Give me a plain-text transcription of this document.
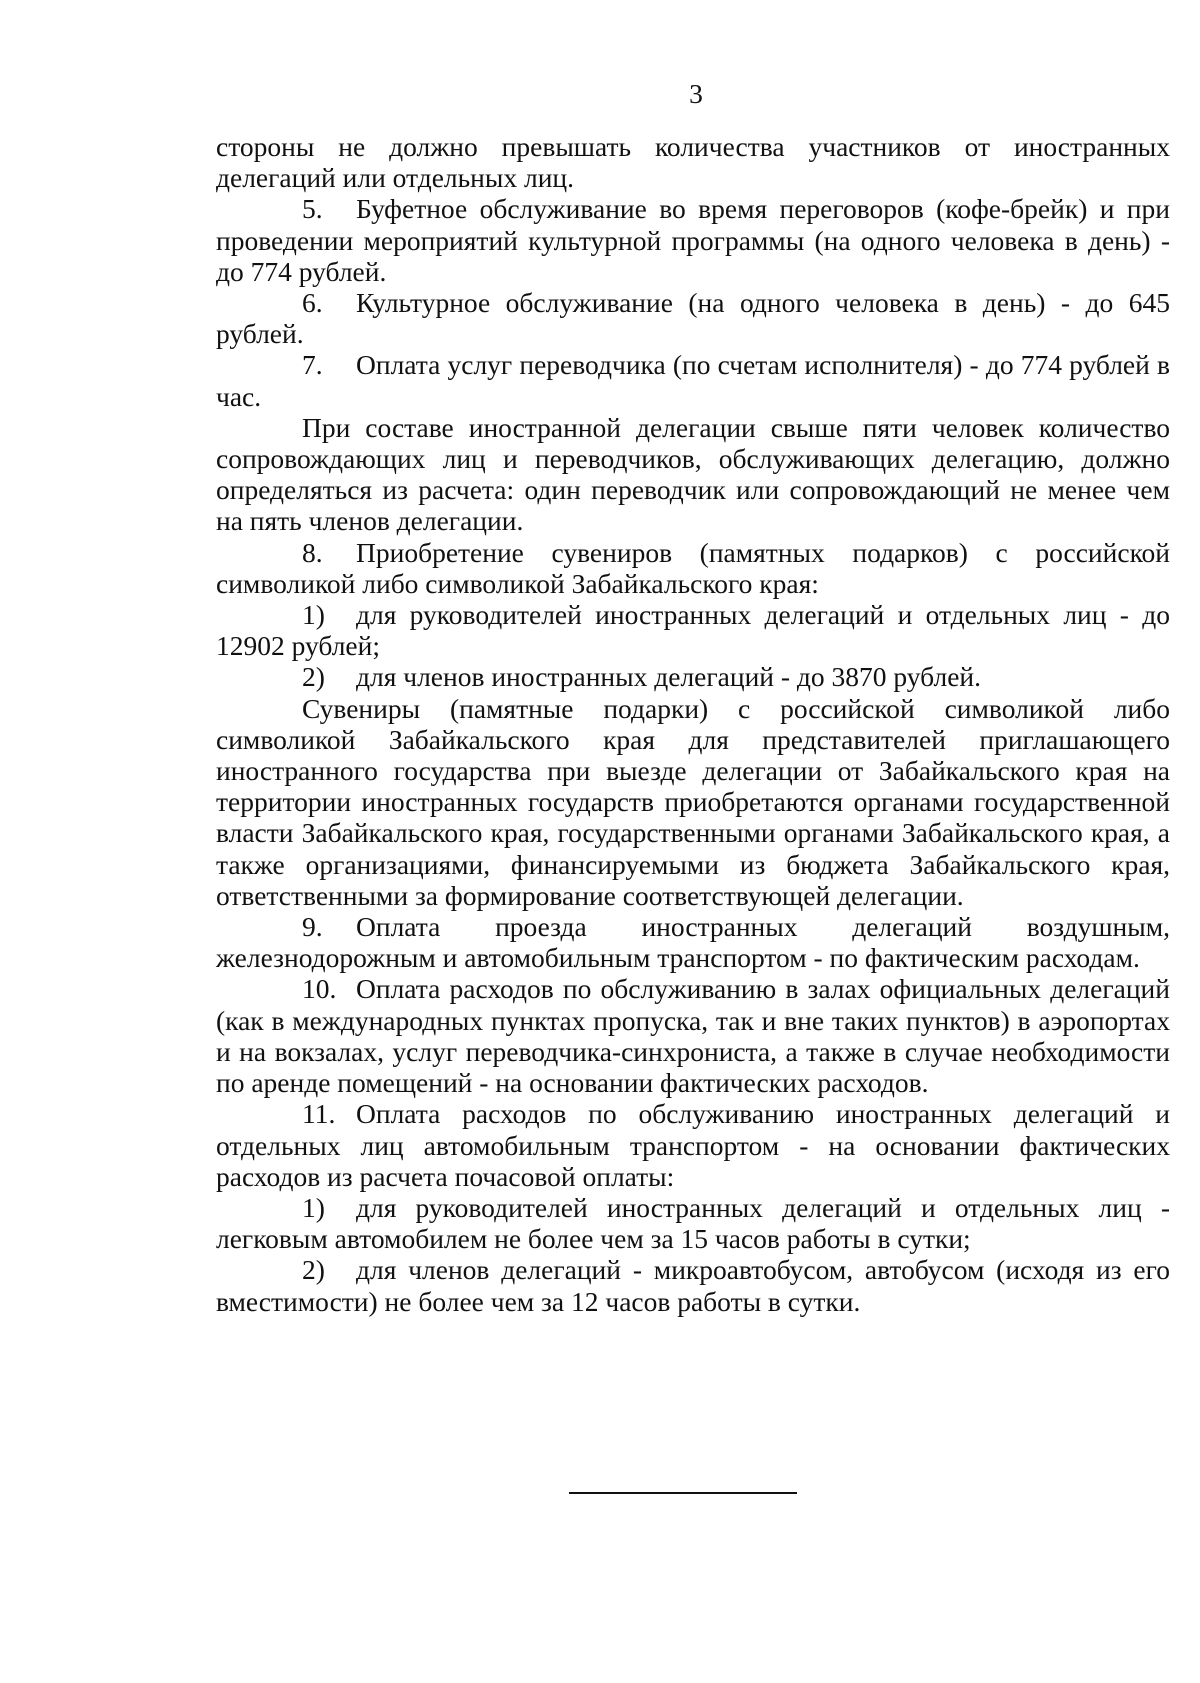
3

стороны не должно превышать количества участников от иностранных делегаций или отдельных лиц.

5. Буфетное обслуживание во время переговоров (кофе-брейк) и при проведении мероприятий культурной программы (на одного человека в день) - до 774 рублей.

6. Культурное обслуживание (на одного человека в день) - до 645 рублей.

7. Оплата услуг переводчика (по счетам исполнителя) - до 774 рублей в час.

При составе иностранной делегации свыше пяти человек количество сопровождающих лиц и переводчиков, обслуживающих делегацию, должно определяться из расчета: один переводчик или сопровождающий не менее чем на пять членов делегации.

8. Приобретение сувениров (памятных подарков) с российской символикой либо символикой Забайкальского края:

1) для руководителей иностранных делегаций и отдельных лиц - до 12902 рублей;

2) для членов иностранных делегаций - до 3870 рублей.

Сувениры (памятные подарки) с российской символикой либо символикой Забайкальского края для представителей приглашающего иностранного государства при выезде делегации от Забайкальского края на территории иностранных государств приобретаются органами государственной власти Забайкальского края, государственными органами Забайкальского края, а также организациями, финансируемыми из бюджета Забайкальского края, ответственными за формирование соответствующей делегации.

9. Оплата проезда иностранных делегаций воздушным, железнодорожным и автомобильным транспортом - по фактическим расходам.

10. Оплата расходов по обслуживанию в залах официальных делегаций (как в международных пунктах пропуска, так и вне таких пунктов) в аэропортах и на вокзалах, услуг переводчика-синхрониста, а также в случае необходимости по аренде помещений - на основании фактических расходов.

11. Оплата расходов по обслуживанию иностранных делегаций и отдельных лиц автомобильным транспортом - на основании фактических расходов из расчета почасовой оплаты:

1) для руководителей иностранных делегаций и отдельных лиц - легковым автомобилем не более чем за 15 часов работы в сутки;

2) для членов делегаций - микроавтобусом, автобусом (исходя из его вместимости) не более чем за 12 часов работы в сутки.
